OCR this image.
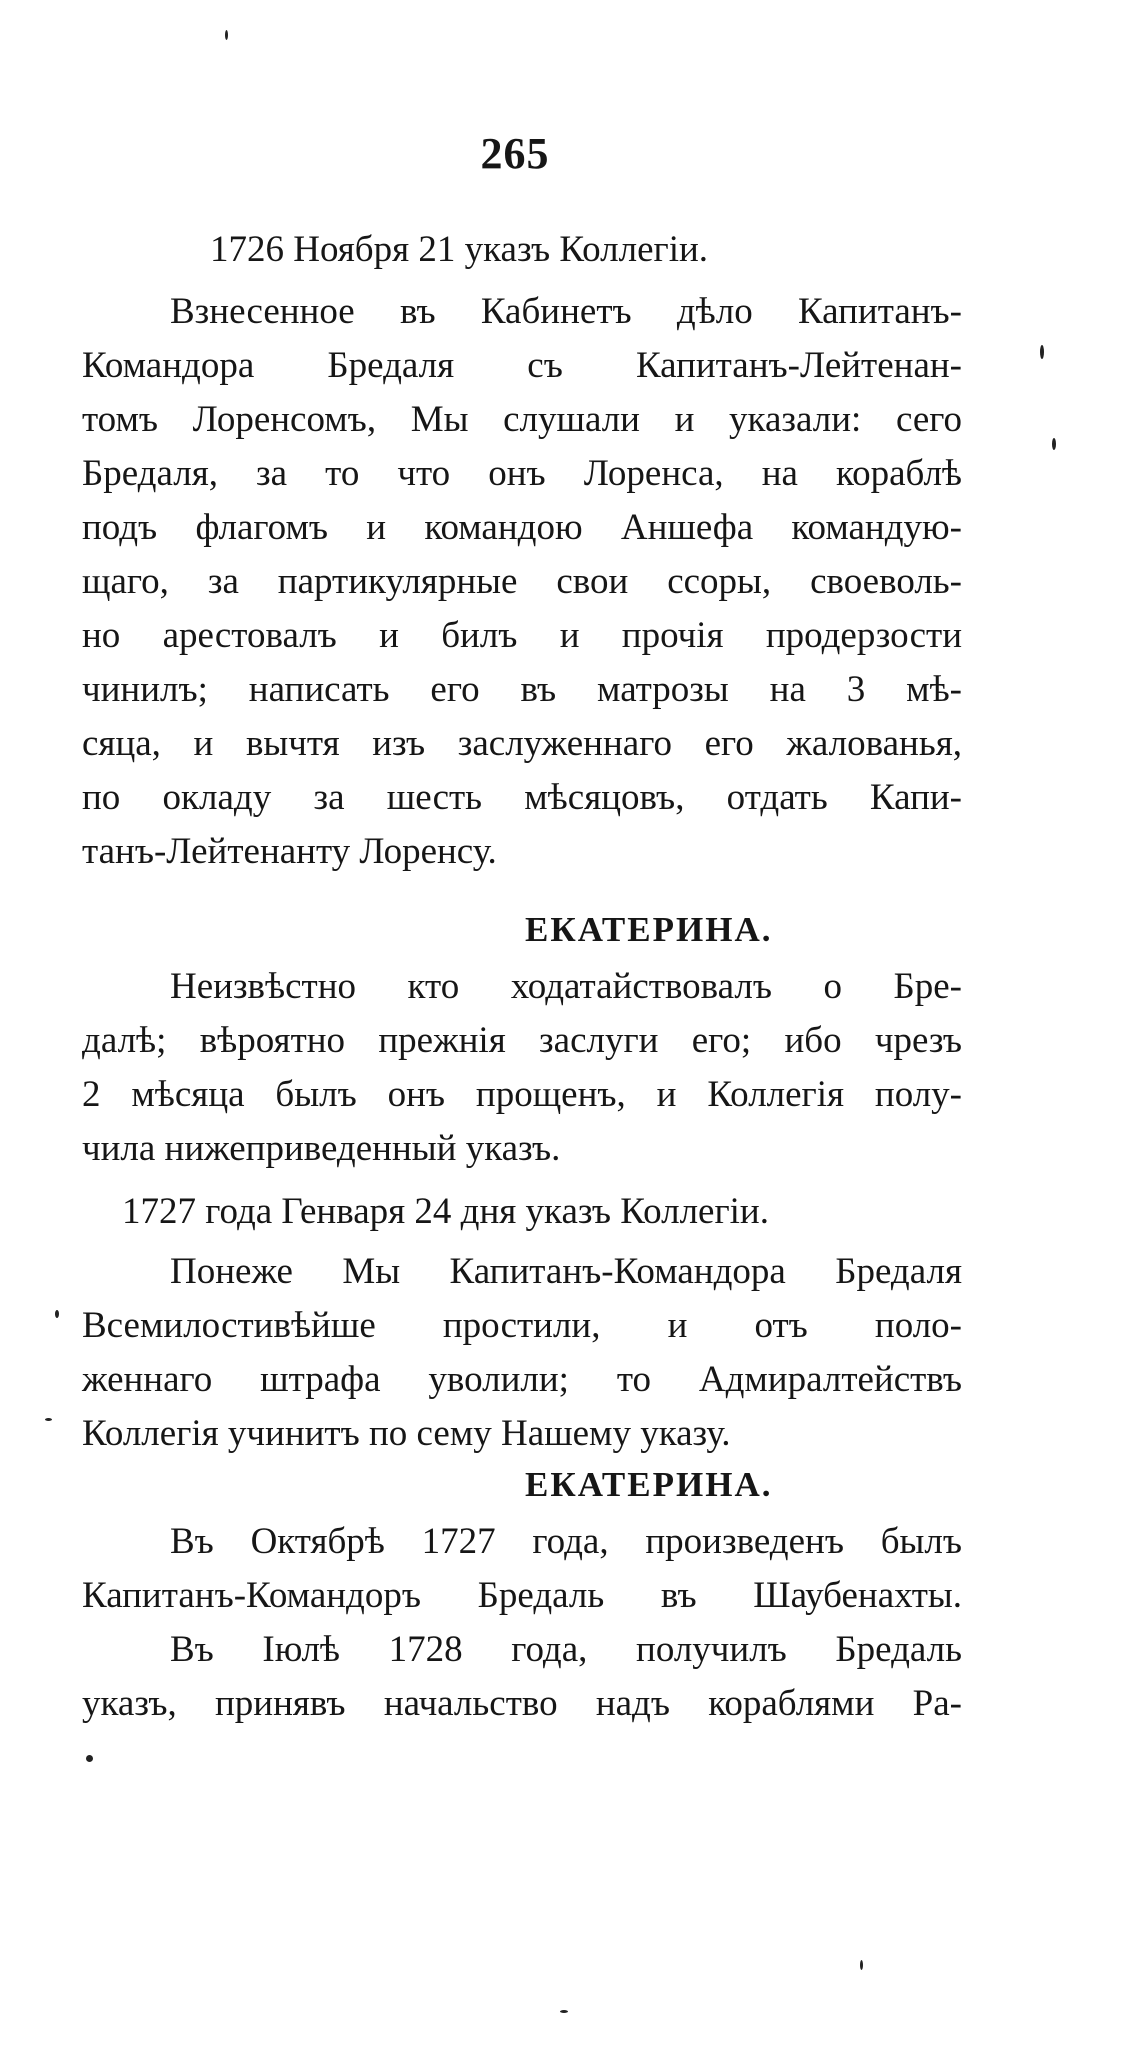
265
1726 Ноября 21 указъ Коллегіи.
Взнесенное въ Кабинетъ дѣло Капитанъ-
Командора Бредаля съ Капитанъ-Лейтенан-
томъ Лоренсомъ, Мы слушали и указали: сего
Бредаля, за то что онъ Лоренса, на кораблѣ
подъ флагомъ и командою Аншефа командую-
щаго, за партикулярные свои ссоры, своеволь-
но арестовалъ и билъ и прочія продерзости
чинилъ; написать его въ матрозы на 3 мѣ-
сяца, и вычтя изъ заслуженнаго его жалованья,
по окладу за шесть мѣсяцовъ, отдать Капи-
танъ-Лейтенанту Лоренсу.
ЕКАТЕРИНА.
Неизвѣстно кто ходатайствовалъ о Бре-
далѣ; вѣроятно прежнія заслуги его; ибо чрезъ
2 мѣсяца былъ онъ прощенъ, и Коллегія полу-
чила нижеприведенный указъ.
1727 года Генваря 24 дня указъ Коллегіи.
Понеже Мы Капитанъ-Командора Бредаля
Всемилостивѣйше простили, и отъ поло-
женнаго штрафа уволили; то Адмиралтействъ
Коллегія учинитъ по сему Нашему указу.
ЕКАТЕРИНА.
Въ Октябрѣ 1727 года, произведенъ былъ
Капитанъ-Командоръ Бредаль въ Шаубенахты.
Въ Іюлѣ 1728 года, получилъ Бредаль
указъ, принявъ начальство надъ кораблями Ра-
